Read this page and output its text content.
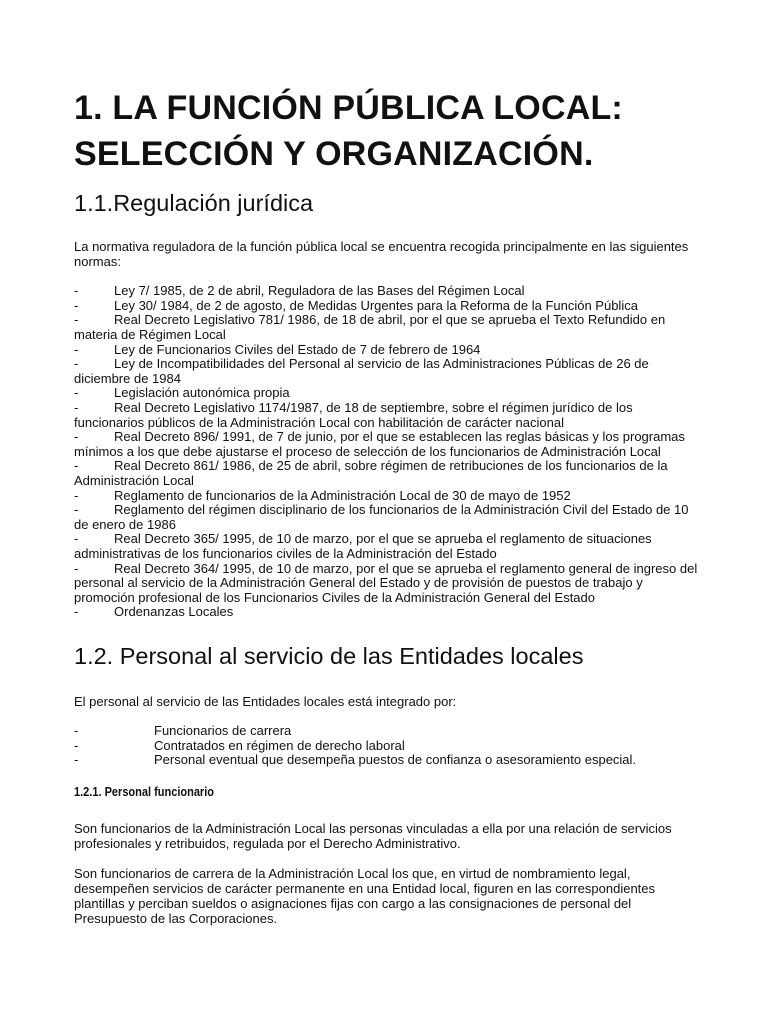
1. LA FUNCIÓN PÚBLICA LOCAL: SELECCIÓN Y ORGANIZACIÓN.
1.1.Regulación jurídica

La normativa reguladora de la función pública local se encuentra recogida principalmente en las siguientes normas:

-	Ley 7/ 1985, de 2 de abril, Reguladora de las Bases del Régimen Local
-	Ley 30/ 1984, de 2 de agosto, de Medidas Urgentes para la Reforma de la Función Pública
-	Real Decreto Legislativo 781/ 1986, de 18 de abril, por el que se aprueba el Texto Refundido en materia de Régimen Local
-	Ley de Funcionarios Civiles del Estado de 7 de febrero de 1964
-	Ley de Incompatibilidades del Personal al servicio de las Administraciones Públicas de 26 de diciembre de 1984
-	Legislación autonómica propia
-	Real Decreto Legislativo 1174/1987, de 18 de septiembre, sobre el régimen jurídico de los funcionarios públicos de la Administración Local con habilitación de carácter nacional
-	Real Decreto 896/ 1991, de 7 de junio, por el que se establecen las reglas básicas y los programas mínimos a los que debe ajustarse el proceso de selección de los funcionarios de Administración Local
-	Real Decreto 861/ 1986, de 25 de abril, sobre régimen de retribuciones de los funcionarios de la Administración Local
-	Reglamento de funcionarios de la Administración Local de 30 de mayo de 1952
-	Reglamento del régimen disciplinario de los funcionarios de la Administración Civil del Estado de 10 de enero de 1986
-	Real Decreto 365/ 1995, de 10 de marzo, por el que se aprueba el reglamento de situaciones administrativas de los funcionarios civiles de la Administración del Estado
-	Real Decreto 364/ 1995, de 10 de marzo, por el que se aprueba el reglamento general de ingreso del personal al servicio de la Administración General del Estado y de provisión de puestos de trabajo y promoción profesional de los Funcionarios Civiles de la Administración General del Estado
-	Ordenanzas Locales
1.2. Personal al servicio de las Entidades locales

El personal al servicio de las Entidades locales está integrado por:

-	Funcionarios de carrera
-	Contratados en régimen de derecho laboral
-	Personal eventual que desempeña puestos de confianza o asesoramiento especial.
1.2.1. Personal funcionario

Son funcionarios de la Administración Local las personas vinculadas a ella por una relación de servicios profesionales y retribuidos, regulada por el Derecho Administrativo.

Son funcionarios de carrera de la Administración Local los que, en virtud de nombramiento legal, desempeñen servicios de carácter permanente en una Entidad local, figuren en las correspondientes plantillas y perciban sueldos o asignaciones fijas con cargo a las consignaciones de personal del Presupuesto de las Corporaciones.
